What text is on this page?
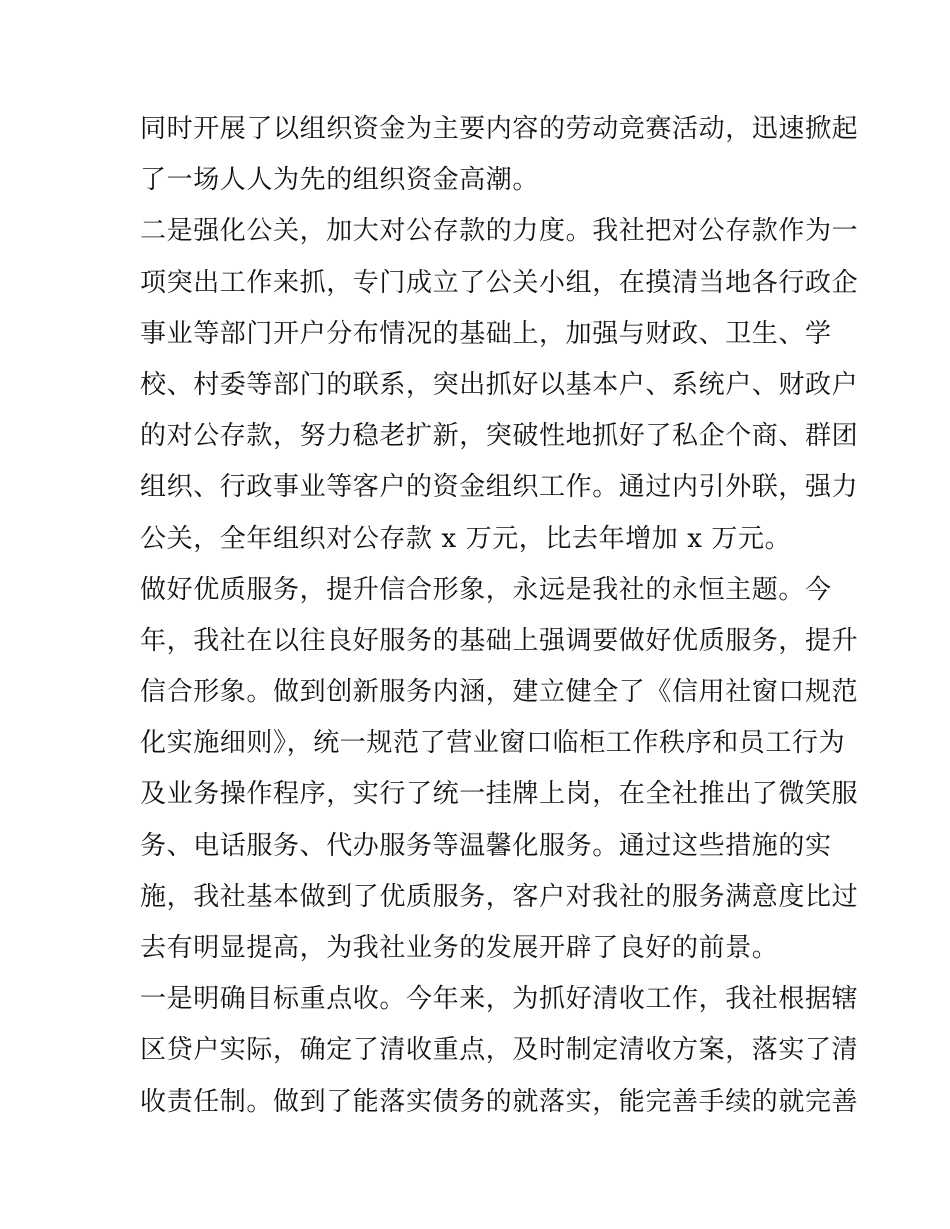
同时开展了以组织资金为主要内容的劳动竞赛活动，迅速掀起
了一场人人为先的组织资金高潮。
二是强化公关，加大对公存款的力度。我社把对公存款作为一
项突出工作来抓，专门成立了公关小组，在摸清当地各行政企
事业等部门开户分布情况的基础上，加强与财政、卫生、学
校、村委等部门的联系，突出抓好以基本户、系统户、财政户
的对公存款，努力稳老扩新，突破性地抓好了私企个商、群团
组织、行政事业等客户的资金组织工作。通过内引外联，强力
公关，全年组织对公存款 x 万元，比去年增加 x 万元。
做好优质服务，提升信合形象，永远是我社的永恒主题。今
年，我社在以往良好服务的基础上强调要做好优质服务，提升
信合形象。做到创新服务内涵，建立健全了《信用社窗口规范
化实施细则》，统一规范了营业窗口临柜工作秩序和员工行为
及业务操作程序，实行了统一挂牌上岗，在全社推出了微笑服
务、电话服务、代办服务等温馨化服务。通过这些措施的实
施，我社基本做到了优质服务，客户对我社的服务满意度比过
去有明显提高，为我社业务的发展开辟了良好的前景。
一是明确目标重点收。今年来，为抓好清收工作，我社根据辖
区贷户实际，确定了清收重点，及时制定清收方案，落实了清
收责任制。做到了能落实债务的就落实，能完善手续的就完善
